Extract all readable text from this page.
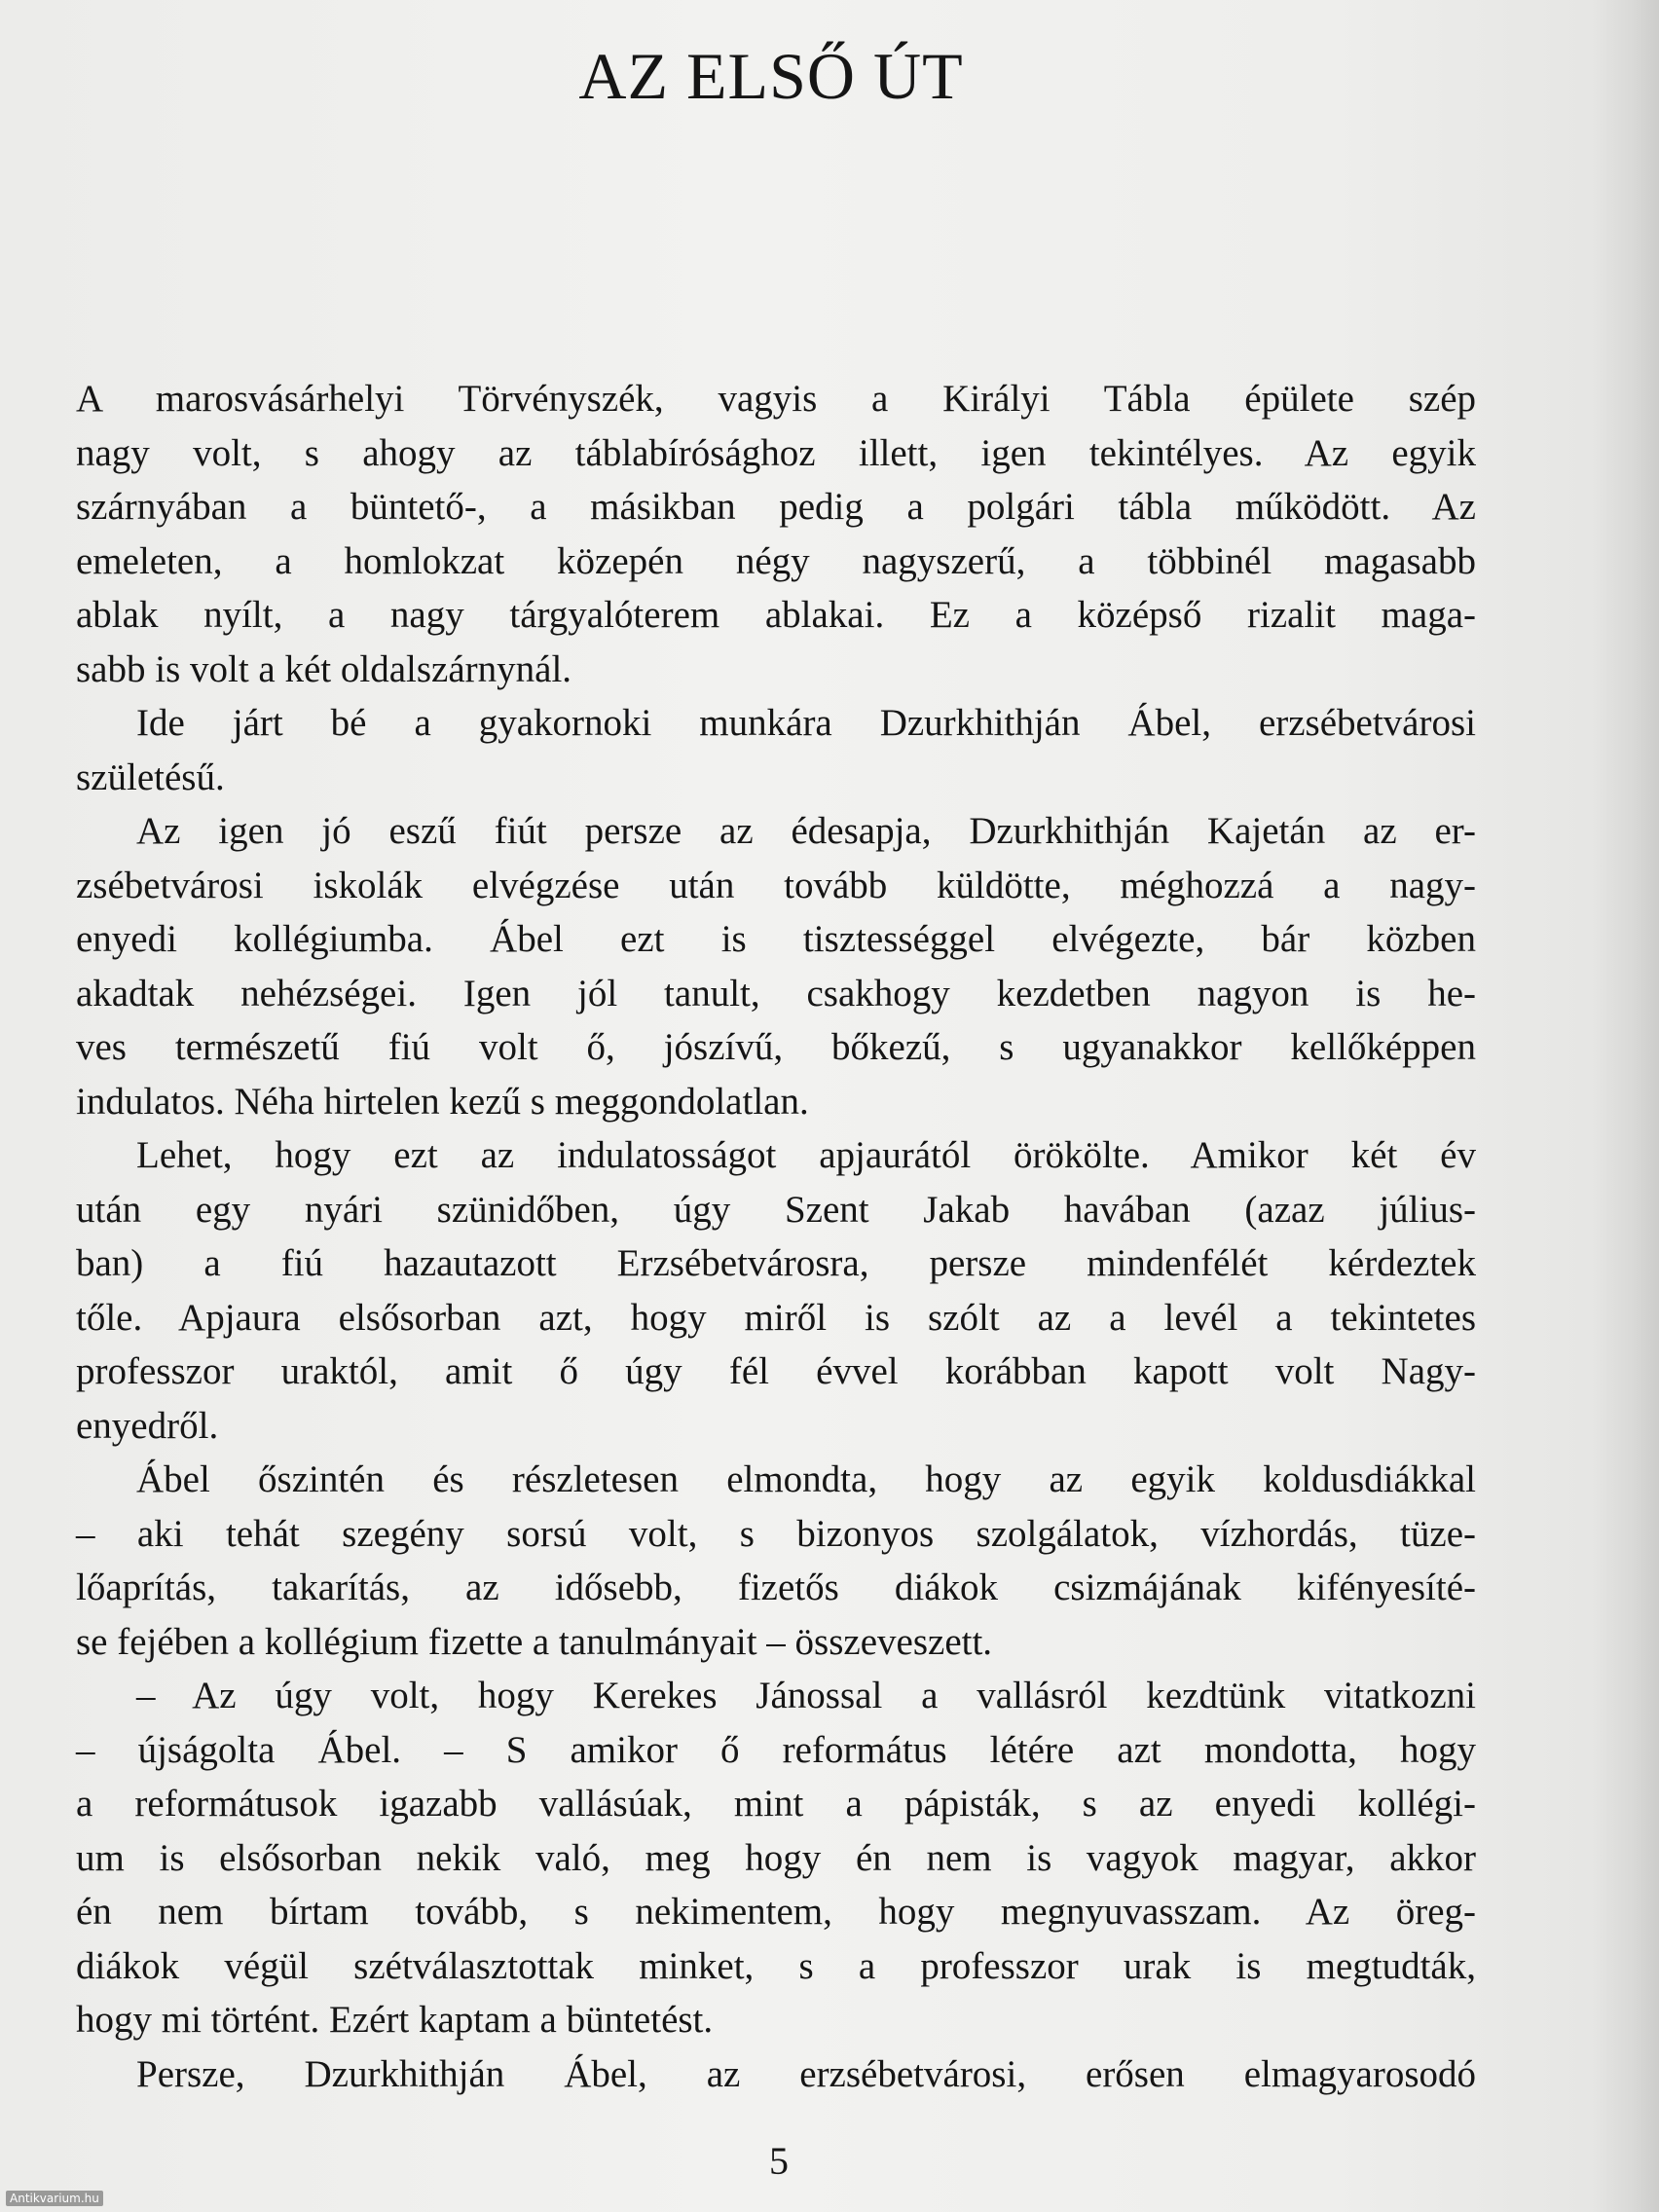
AZ ELSŐ ÚT
A marosvásárhelyi Törvényszék, vagyis a Királyi Tábla épülete szép
nagy volt, s ahogy az táblabírósághoz illett, igen tekintélyes. Az egyik
szárnyában a büntető-, a másikban pedig a polgári tábla működött. Az
emeleten, a homlokzat közepén négy nagyszerű, a többinél magasabb
ablak nyílt, a nagy tárgyalóterem ablakai. Ez a középső rizalit maga-
sabb is volt a két oldalszárnynál.
Ide járt bé a gyakornoki munkára Dzurkhithján Ábel, erzsébetvárosi
születésű.
Az igen jó eszű fiút persze az édesapja, Dzurkhithján Kajetán az er-
zsébetvárosi iskolák elvégzése után tovább küldötte, méghozzá a nagy-
enyedi kollégiumba. Ábel ezt is tisztességgel elvégezte, bár közben
akadtak nehézségei. Igen jól tanult, csakhogy kezdetben nagyon is he-
ves természetű fiú volt ő, jószívű, bőkezű, s ugyanakkor kellőképpen
indulatos. Néha hirtelen kezű s meggondolatlan.
Lehet, hogy ezt az indulatosságot apjaurától örökölte. Amikor két év
után egy nyári szünidőben, úgy Szent Jakab havában (azaz július-
ban) a fiú hazautazott Erzsébetvárosra, persze mindenfélét kérdeztek
tőle. Apjaura elsősorban azt, hogy miről is szólt az a levél a tekintetes
professzor uraktól, amit ő úgy fél évvel korábban kapott volt Nagy-
enyedről.
Ábel őszintén és részletesen elmondta, hogy az egyik koldusdiákkal
– aki tehát szegény sorsú volt, s bizonyos szolgálatok, vízhordás, tüze-
lőaprítás, takarítás, az idősebb, fizetős diákok csizmájának kifényesíté-
se fejében a kollégium fizette a tanulmányait – összeveszett.
– Az úgy volt, hogy Kerekes Jánossal a vallásról kezdtünk vitatkozni
– újságolta Ábel. – S amikor ő református létére azt mondotta, hogy
a reformátusok igazabb vallásúak, mint a pápisták, s az enyedi kollégi-
um is elsősorban nekik való, meg hogy én nem is vagyok magyar, akkor
én nem bírtam tovább, s nekimentem, hogy megnyuvasszam. Az öreg-
diákok végül szétválasztottak minket, s a professzor urak is megtudták,
hogy mi történt. Ezért kaptam a büntetést.
Persze, Dzurkhithján Ábel, az erzsébetvárosi, erősen elmagyarosodó
5
Antikvarium.hu
